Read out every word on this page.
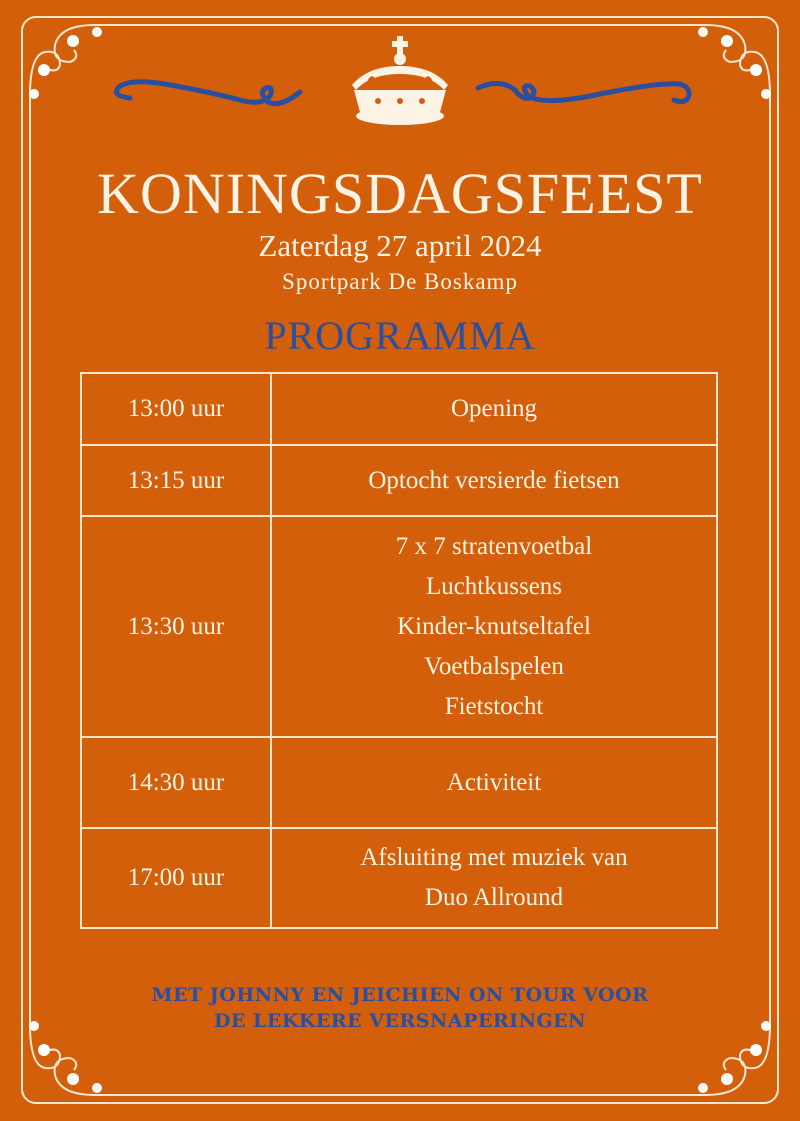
KONINGSDAGSFEEST
Zaterdag 27 april 2024
Sportpark De Boskamp
PROGRAMMA
13:00 uur	Opening

13:15 uur	Optocht versierde fietsen

13:30 uur	7 x 7 stratenvoetbal
Luchtkussens
Kinder-knutseltafel
Voetbalspelen
Fietstocht

14:30 uur	Activiteit

17:00 uur	Afsluiting met muziek van
Duo Allround
MET JOHNNY EN JEICHIEN ON TOUR VOOR
DE LEKKERE VERSNAPERINGEN
